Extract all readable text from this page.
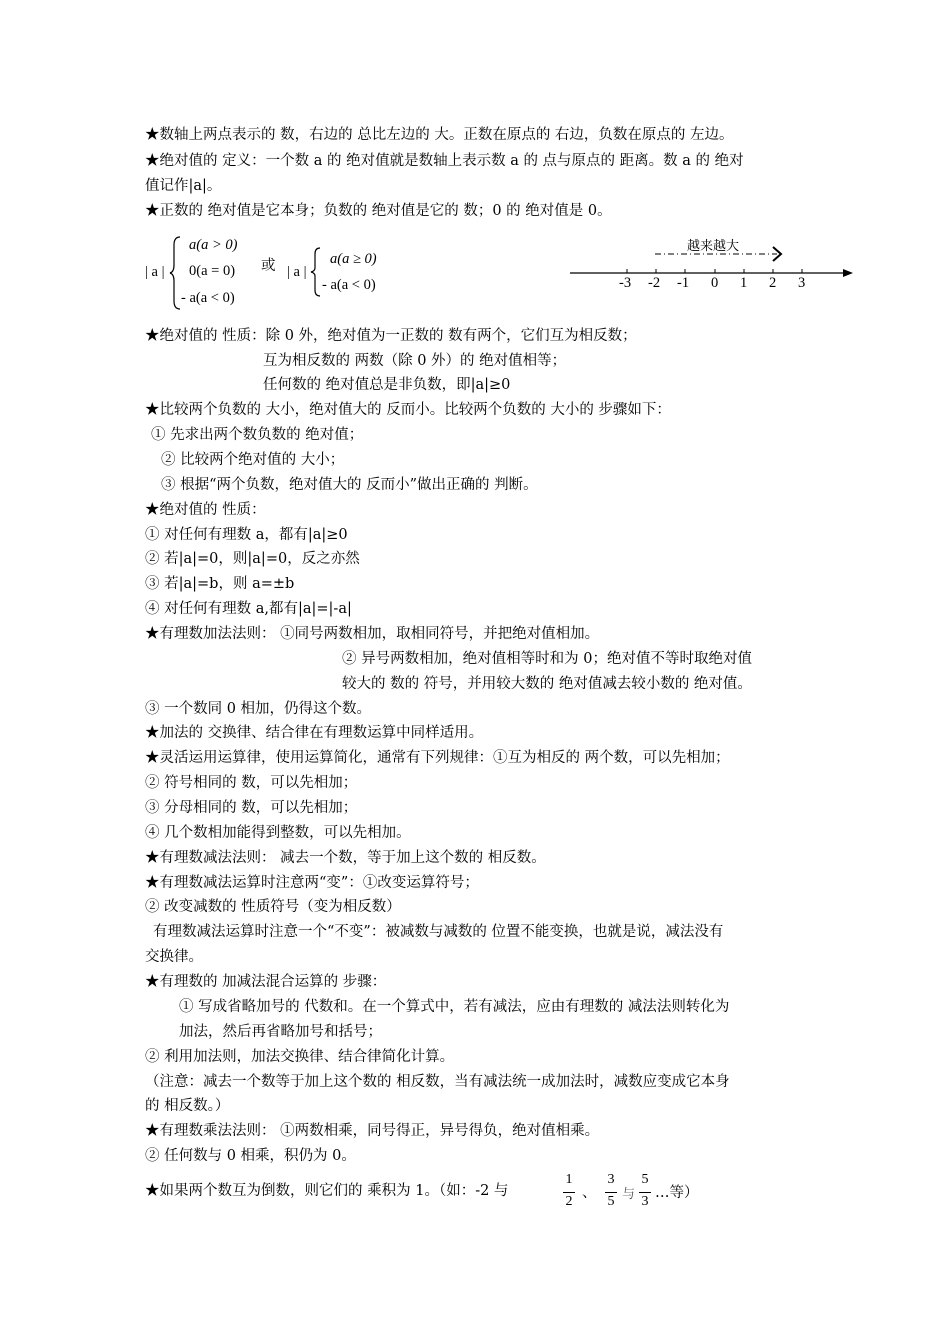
★数轴上两点表示的 数，右边的 总比左边的 大。正数在原点的 右边，负数在原点的 左边。
★绝对值的 定义：一个数 a 的 绝对值就是数轴上表示数 a 的 点与原点的 距离。数 a 的 绝对
值记作|a|。
★正数的 绝对值是它本身；负数的 绝对值是它的 数；0 的 绝对值是 0。
| a |
a(a > 0)
0(a = 0)
- a(a < 0)
或 | a |
a(a ≥ 0)
- a(a < 0)
越来越大
-3 -2 -1 0 1 2 3
★绝对值的 性质：除 0 外，绝对值为一正数的 数有两个，它们互为相反数；
互为相反数的 两数（除 0 外）的 绝对值相等；
任何数的 绝对值总是非负数，即|a|≥0
★比较两个负数的 大小，绝对值大的 反而小。比较两个负数的 大小的 步骤如下：
① 先求出两个数负数的 绝对值；
② 比较两个绝对值的 大小；
③ 根据“两个负数，绝对值大的 反而小”做出正确的 判断。
★绝对值的 性质：
① 对任何有理数 a，都有|a|≥0
② 若|a|=0，则|a|=0，反之亦然
③ 若|a|=b，则 a=±b
④ 对任何有理数 a,都有|a|=|-a|
★有理数加法法则： ①同号两数相加，取相同符号，并把绝对值相加。
② 异号两数相加，绝对值相等时和为 0；绝对值不等时取绝对值
较大的 数的 符号，并用较大数的 绝对值减去较小数的 绝对值。
③ 一个数同 0 相加，仍得这个数。
★加法的 交换律、结合律在有理数运算中同样适用。
★灵活运用运算律，使用运算简化，通常有下列规律：①互为相反的 两个数，可以先相加；
② 符号相同的 数，可以先相加；
③ 分母相同的 数，可以先相加；
④ 几个数相加能得到整数，可以先相加。
★有理数减法法则： 减去一个数，等于加上这个数的 相反数。
★有理数减法运算时注意两“变”：①改变运算符号；
② 改变减数的 性质符号（变为相反数）
有理数减法运算时注意一个“不变”：被减数与减数的 位置不能变换，也就是说，减法没有
交换律。
★有理数的 加减法混合运算的 步骤：
① 写成省略加号的 代数和。在一个算式中，若有减法，应由有理数的 减法法则转化为
加法，然后再省略加号和括号；
② 利用加法则，加法交换律、结合律简化计算。
（注意：减去一个数等于加上这个数的 相反数，当有减法统一成加法时，减数应变成它本身
的 相反数。）
★有理数乘法法则： ①两数相乘，同号得正，异号得负，绝对值相乘。
② 任何数与 0 相乘，积仍为 0。
★如果两个数互为倒数，则它们的 乘积为 1。（如：-2 与
1
2
、
3
5 与
5
3
…等）
